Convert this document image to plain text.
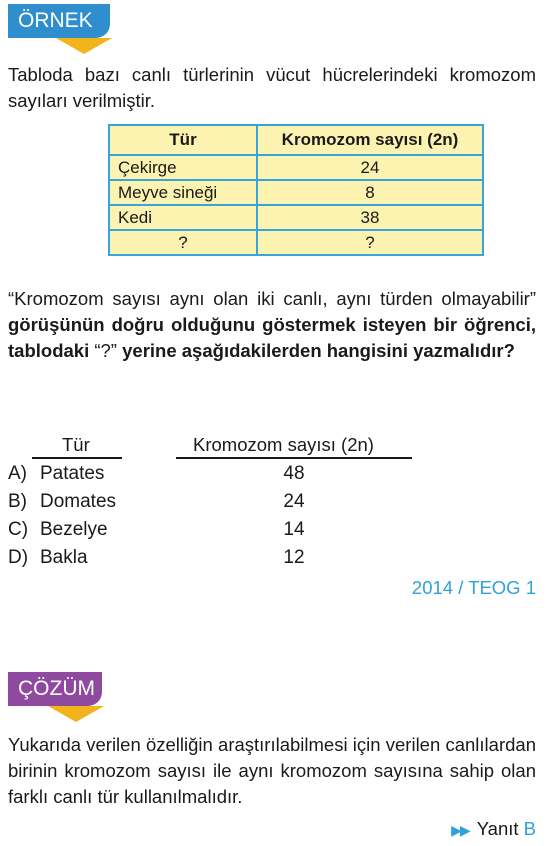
ÖRNEK
Tabloda bazı canlı türlerinin vücut hücrelerindeki kromozom sayıları verilmiştir.
Tür	Kromozom sayısı (2n)
Çekirge	24
Meyve sineği	8
Kedi	38
?	?
“Kromozom sayısı aynı olan iki canlı, aynı türden olmayabilir” görüşünün doğru olduğunu göstermek isteyen bir öğrenci, tablodaki “?” yerine aşağıdakilerden hangisini yazmalıdır?
Tür	Kromozom sayısı (2n)
A) Patates	48
B) Domates	24
C) Bezelye	14
D) Bakla	12
2014 / TEOG 1
ÇÖZÜM
Yukarıda verilen özelliğin araştırılabilmesi için verilen canlılardan birinin kromozom sayısı ile aynı kromozom sayısına sahip olan farklı canlı tür kullanılmalıdır.
▶▶ Yanıt B
